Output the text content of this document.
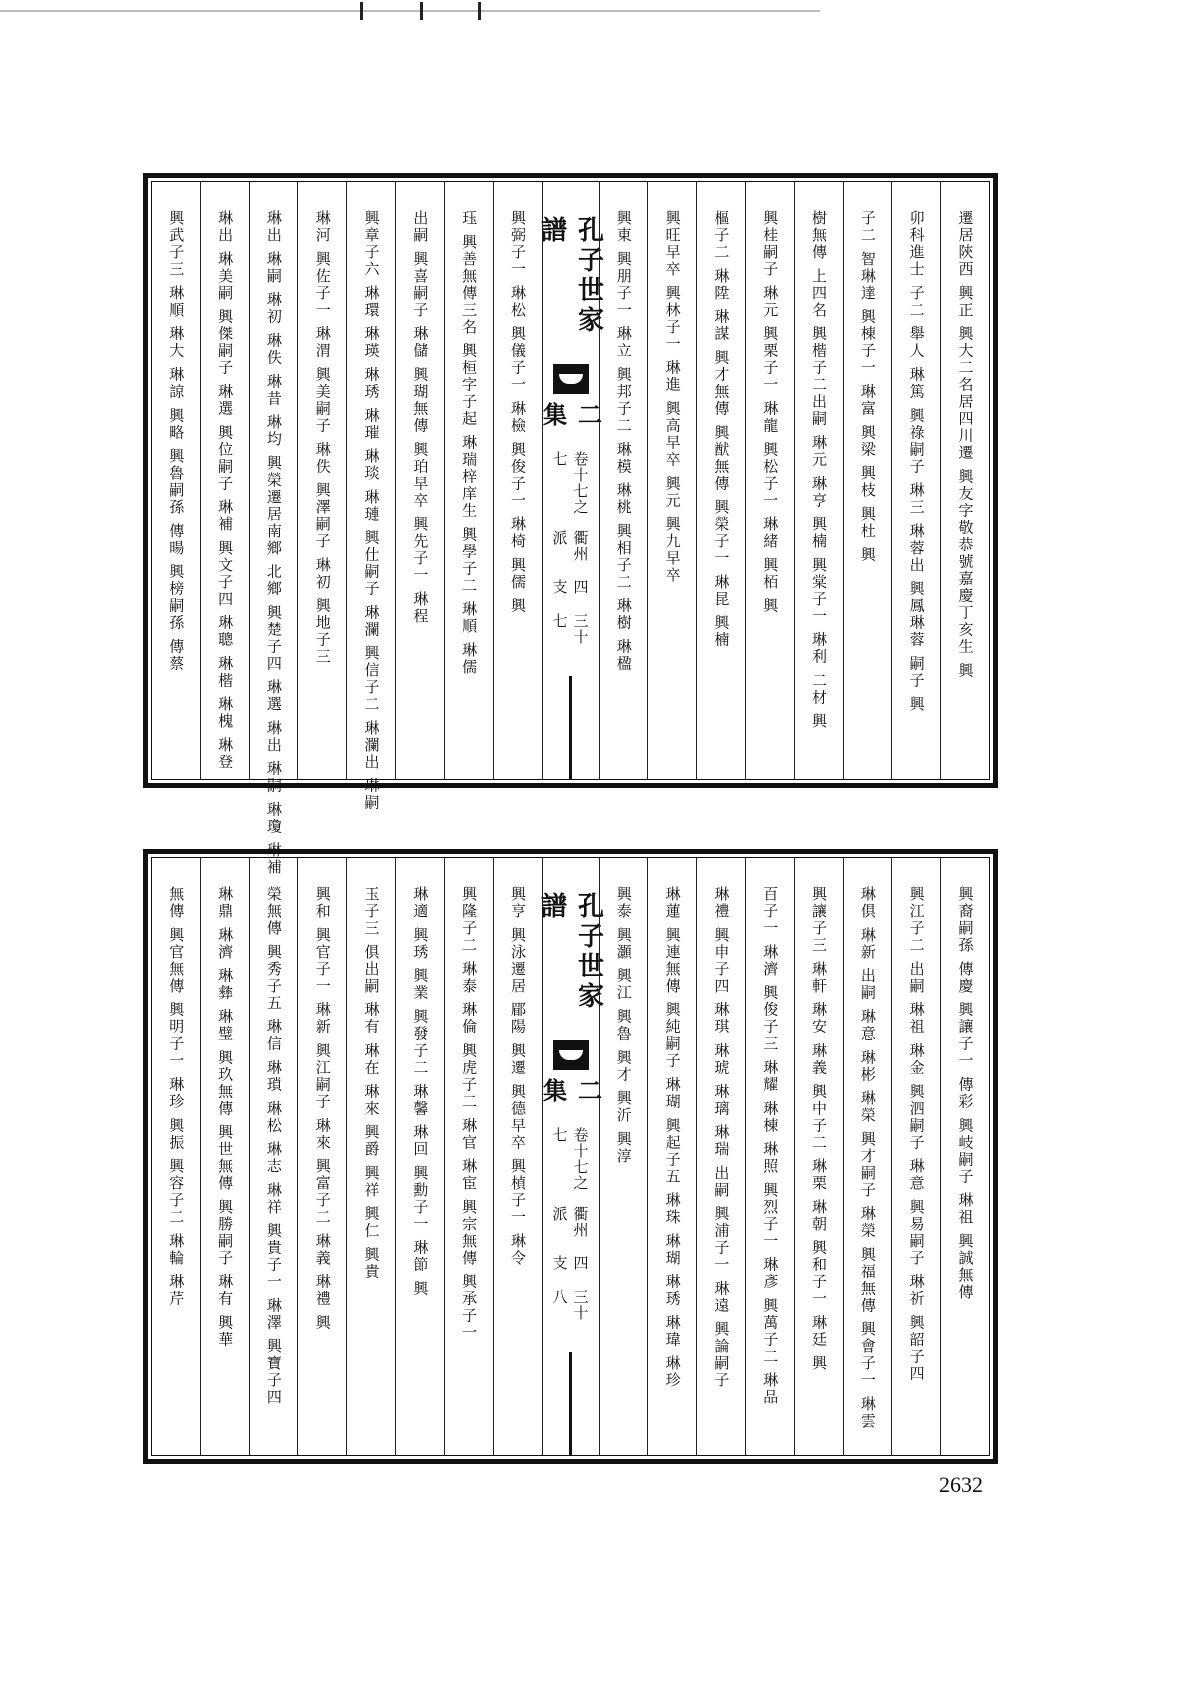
遷居陝西 興正 興大二名居四川遷 興友字敬恭號嘉慶丁亥生 興
卯科進士 子二 舉人 琳篤 興祿嗣子 琳三 琳蓉出 興鳳琳蓉 嗣子 興
子二 智琳達 興棟子一 琳富 興梁 興枝 興杜 興
樹無傳 上四名 興楷子二出嗣 琳元 琳亨 興楠 興棠子一 琳利 二材 興
興桂嗣子 琳元 興栗子一 琳龍 興松子一 琳緒 興栢 興
樞子二 琳陞 琳謀 興才無傳 興猷無傳 興榮子一 琳昆 興楠
興旺早卒 興林子一 琳進 興高早卒 興元 興九早卒
興東 興朋子一 琳立 興邦子二 琳模 琳桃 興相子二 琳樹 琳楹
孔子世家譜
二集
卷十七之七
衢州派
四支
三十七
興弼子一 琳松 興儀子一 琳檢 興俊子一 琳椅 興儒 興
珏 興善無傳三名 興桓字子起 琳瑞梓庠生 興學子二 琳順 琳儒
出嗣 興喜嗣子 琳儲 興瑚無傳 興珀早卒 興先子一 琳程
興章子六 琳環 琳瑛 琳琇 琳璀 琳琰 琳璉 興仕嗣子 琳瀾 興信子二 琳瀾出 琳嗣
琳河 興佐子一 琳渭 興美嗣子 琳佚 興澤嗣子 琳初 興地子三
琳出 琳嗣 琳初 琳佚 琳昔 琳均 興榮遷居南鄉 北鄉 興楚子四 琳選 琳出 琳嗣 琳瓊 琳補
琳出 琳美嗣 興傑嗣子 琳選 興位嗣子 琳補 興文子四 琳聰 琳楷 琳槐 琳登
興武子三 琳順 琳大 琳諒 興略 興魯嗣孫 傳暘 興榜嗣孫 傳蔡
興裔嗣孫 傳慶 興讓子一 傳彩 興岐嗣子 琳祖 興誠無傳
興江子二 出嗣 琳祖 琳金 興泗嗣子 琳意 興易嗣子 琳祈 興韶子四
琳俱 琳新 出嗣 琳意 琳彬 琳榮 興才嗣子 琳榮 興福無傳 興會子一 琳雲
興讓子三 琳軒 琳安 琳義 興中子二 琳栗 琳朝 興和子一 琳廷 興
百子一 琳濟 興俊子三 琳耀 琳棟 琳照 興烈子一 琳彥 興萬子二 琳品
琳禮 興申子四 琳琪 琳琥 琳璃 琳瑞 出嗣 興浦子一 琳遠 興論嗣子
琳蓮 興連無傳 興純嗣子 琳瑚 興起子五 琳珠 琳瑚 琳琇 琳瑋 琳珍
興泰 興灝 興江 興魯 興才 興沂 興淳
孔子世家譜
二集
卷十七之七
衢州派
四支
三十八
興亨 興泳遷居 郿陽 興遷 興德早卒 興楨子一 琳令
興隆子二 琳泰 琳倫 興虎子二 琳官 琳宦 興宗無傳 興承子一
琳適 興琇 興業 興發子二 琳馨 琳回 興勳子一 琳節 興
玉子三 俱出嗣 琳有 琳在 琳來 興爵 興祥 興仁 興貴
興和 興官子一 琳新 興江嗣子 琳來 興富子二 琳義 琳禮 興
榮無傳 興秀子五 琳信 琳瑣 琳松 琳志 琳祥 興貴子一 琳澤 興寶子四
琳鼎 琳濟 琳彝 琳璧 興玖無傳 興世無傳 興勝嗣子 琳有 興華
無傳 興官無傳 興明子一 琳珍 興振 興容子二 琳輪 琳芹
2632
